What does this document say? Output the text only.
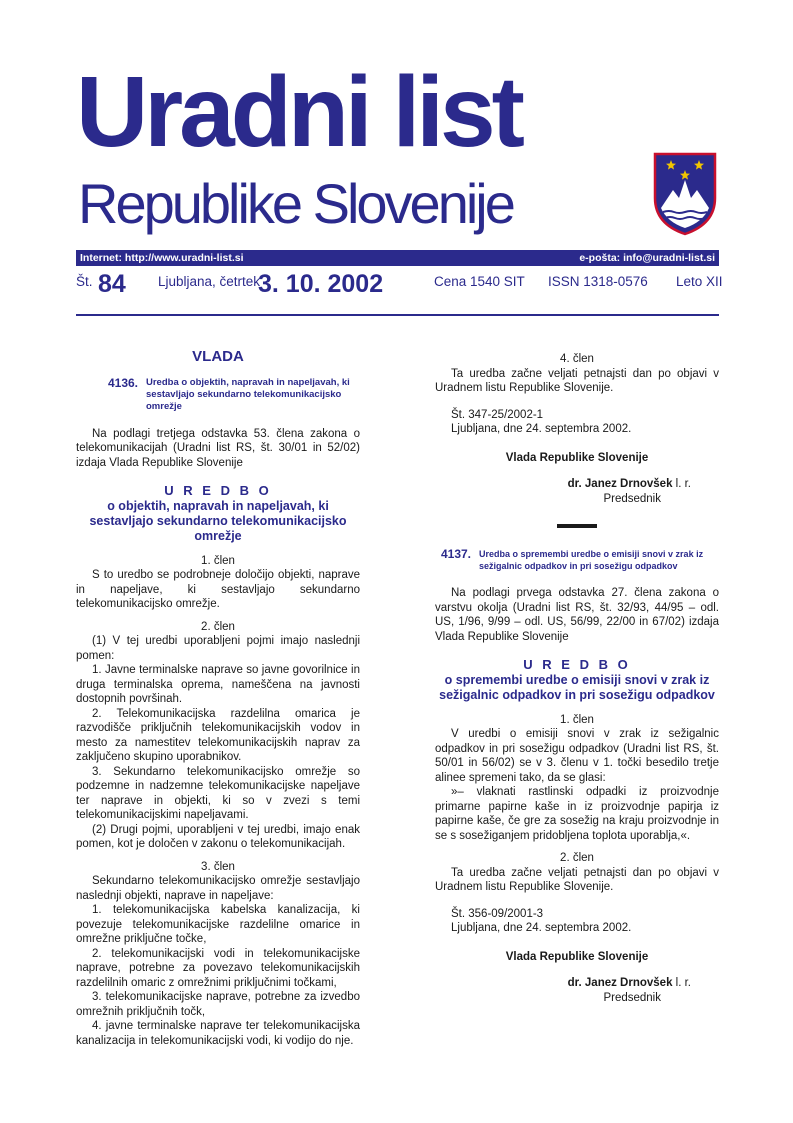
Uradni list
Republike Slovenije
Internet: http://www.uradni-list.si	e-pošta: info@uradni-list.si
Št. 84 Ljubljana, četrtek
3. 10. 2002	Cena 1540 SIT ISSN 1318-0576 Leto XII
VLADA
4136. Uredba o objektih, napravah in napeljavah, ki sestavljajo sekundarno telekomunikacijsko omrežje

Na podlagi tretjega odstavka 53. člena zakona o telekomunikacijah (Uradni list RS, št. 30/01 in 52/02) izdaja Vlada Republike Slovenije

U R E D B O
o objektih, napravah in napeljavah, ki sestavljajo sekundarno telekomunikacijsko omrežje
1. člen

S to uredbo se podrobneje določijo objekti, naprave in napeljave, ki sestavljajo sekundarno telekomunikacijsko omrežje.

2. člen

(1) V tej uredbi uporabljeni pojmi imajo naslednji pomen:

1. Javne terminalske naprave so javne govorilnice in druga terminalska oprema, nameščena na javnosti dostopnih površinah.

2. Telekomunikacijska razdelilna omarica je razvodišče priključnih telekomunikacijskih vodov in mesto za namestitev telekomunikacijskih naprav za zaključeno skupino uporabnikov.

3. Sekundarno telekomunikacijsko omrežje so podzemne in nadzemne telekomunikacijske napeljave ter naprave in objekti, ki so v zvezi s temi telekomunikacijskimi napeljavami.

(2) Drugi pojmi, uporabljeni v tej uredbi, imajo enak pomen, kot je določen v zakonu o telekomunikacijah.

3. člen

Sekundarno telekomunikacijsko omrežje sestavljajo naslednji objekti, naprave in napeljave:

1. telekomunikacijska kabelska kanalizacija, ki povezuje telekomunikacijske razdelilne omarice in omrežne priključne točke,

2. telekomunikacijski vodi in telekomunikacijske naprave, potrebne za povezavo telekomunikacijskih razdelilnih omaric z omrežnimi priključnimi točkami,

3. telekomunikacijske naprave, potrebne za izvedbo omrežnih priključnih točk,

4. javne terminalske naprave ter telekomunikacijska kanalizacija in telekomunikacijski vodi, ki vodijo do nje.

4. člen

Ta uredba začne veljati petnajsti dan po objavi v Uradnem listu Republike Slovenije.

Št. 347-25/2002-1

Ljubljana, dne 24. septembra 2002.

Vlada Republike Slovenije
dr. Janez Drnovšek l. r.
Predsednik
4137. Uredba o spremembi uredbe o emisiji snovi v zrak iz sežigalnic odpadkov in pri sosežigu odpadkov

Na podlagi prvega odstavka 27. člena zakona o varstvu okolja (Uradni list RS, št. 32/93, 44/95 – odl. US, 1/96, 9/99 – odl. US, 56/99, 22/00 in 67/02) izdaja Vlada Republike Slovenije

U R E D B O
o spremembi uredbe o emisiji snovi v zrak iz sežigalnic odpadkov in pri sosežigu odpadkov
1. člen

V uredbi o emisiji snovi v zrak iz sežigalnic odpadkov in pri sosežigu odpadkov (Uradni list RS, št. 50/01 in 56/02) se v 3. členu v 1. točki besedilo tretje alinee spremeni tako, da se glasi:

»– vlaknati rastlinski odpadki iz proizvodnje primarne papirne kaše in iz proizvodnje papirja iz papirne kaše, če gre za sosežig na kraju proizvodnje in se s sosežiganjem pridobljena toplota uporablja,«.

2. člen

Ta uredba začne veljati petnajsti dan po objavi v Uradnem listu Republike Slovenije.

Št. 356-09/2001-3

Ljubljana, dne 24. septembra 2002.

Vlada Republike Slovenije
dr. Janez Drnovšek l. r.
Predsednik
